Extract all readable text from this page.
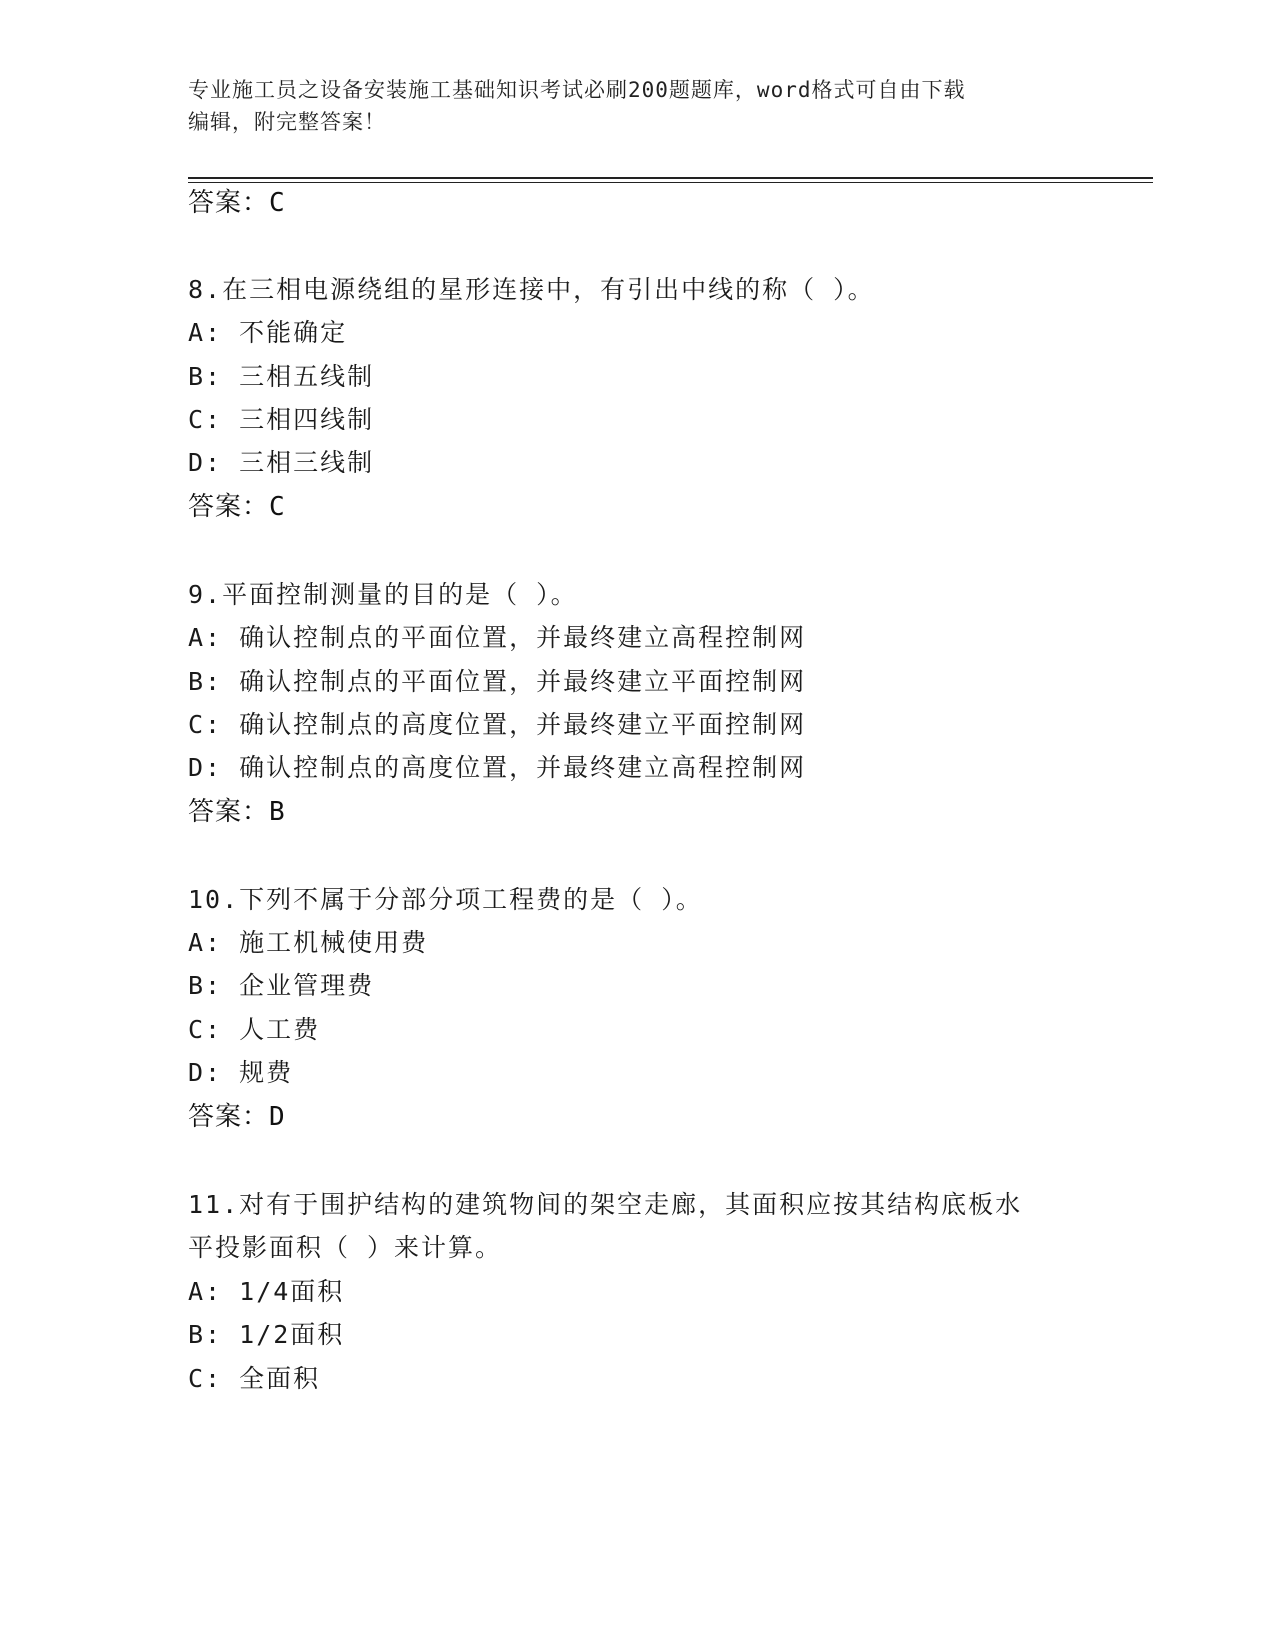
专业施工员之设备安装施工基础知识考试必刷200题题库，word格式可自由下载
编辑，附完整答案！
答案：C
8.在三相电源绕组的星形连接中，有引出中线的称（ ）。
A: 不能确定
B: 三相五线制
C: 三相四线制
D: 三相三线制
答案：C
9.平面控制测量的目的是（ ）。
A: 确认控制点的平面位置，并最终建立高程控制网
B: 确认控制点的平面位置，并最终建立平面控制网
C: 确认控制点的高度位置，并最终建立平面控制网
D: 确认控制点的高度位置，并最终建立高程控制网
答案：B
10.下列不属于分部分项工程费的是（ ）。
A: 施工机械使用费
B: 企业管理费
C: 人工费
D: 规费
答案：D
11.对有于围护结构的建筑物间的架空走廊，其面积应按其结构底板水
平投影面积（ ）来计算。
A: 1/4面积
B: 1/2面积
C: 全面积
